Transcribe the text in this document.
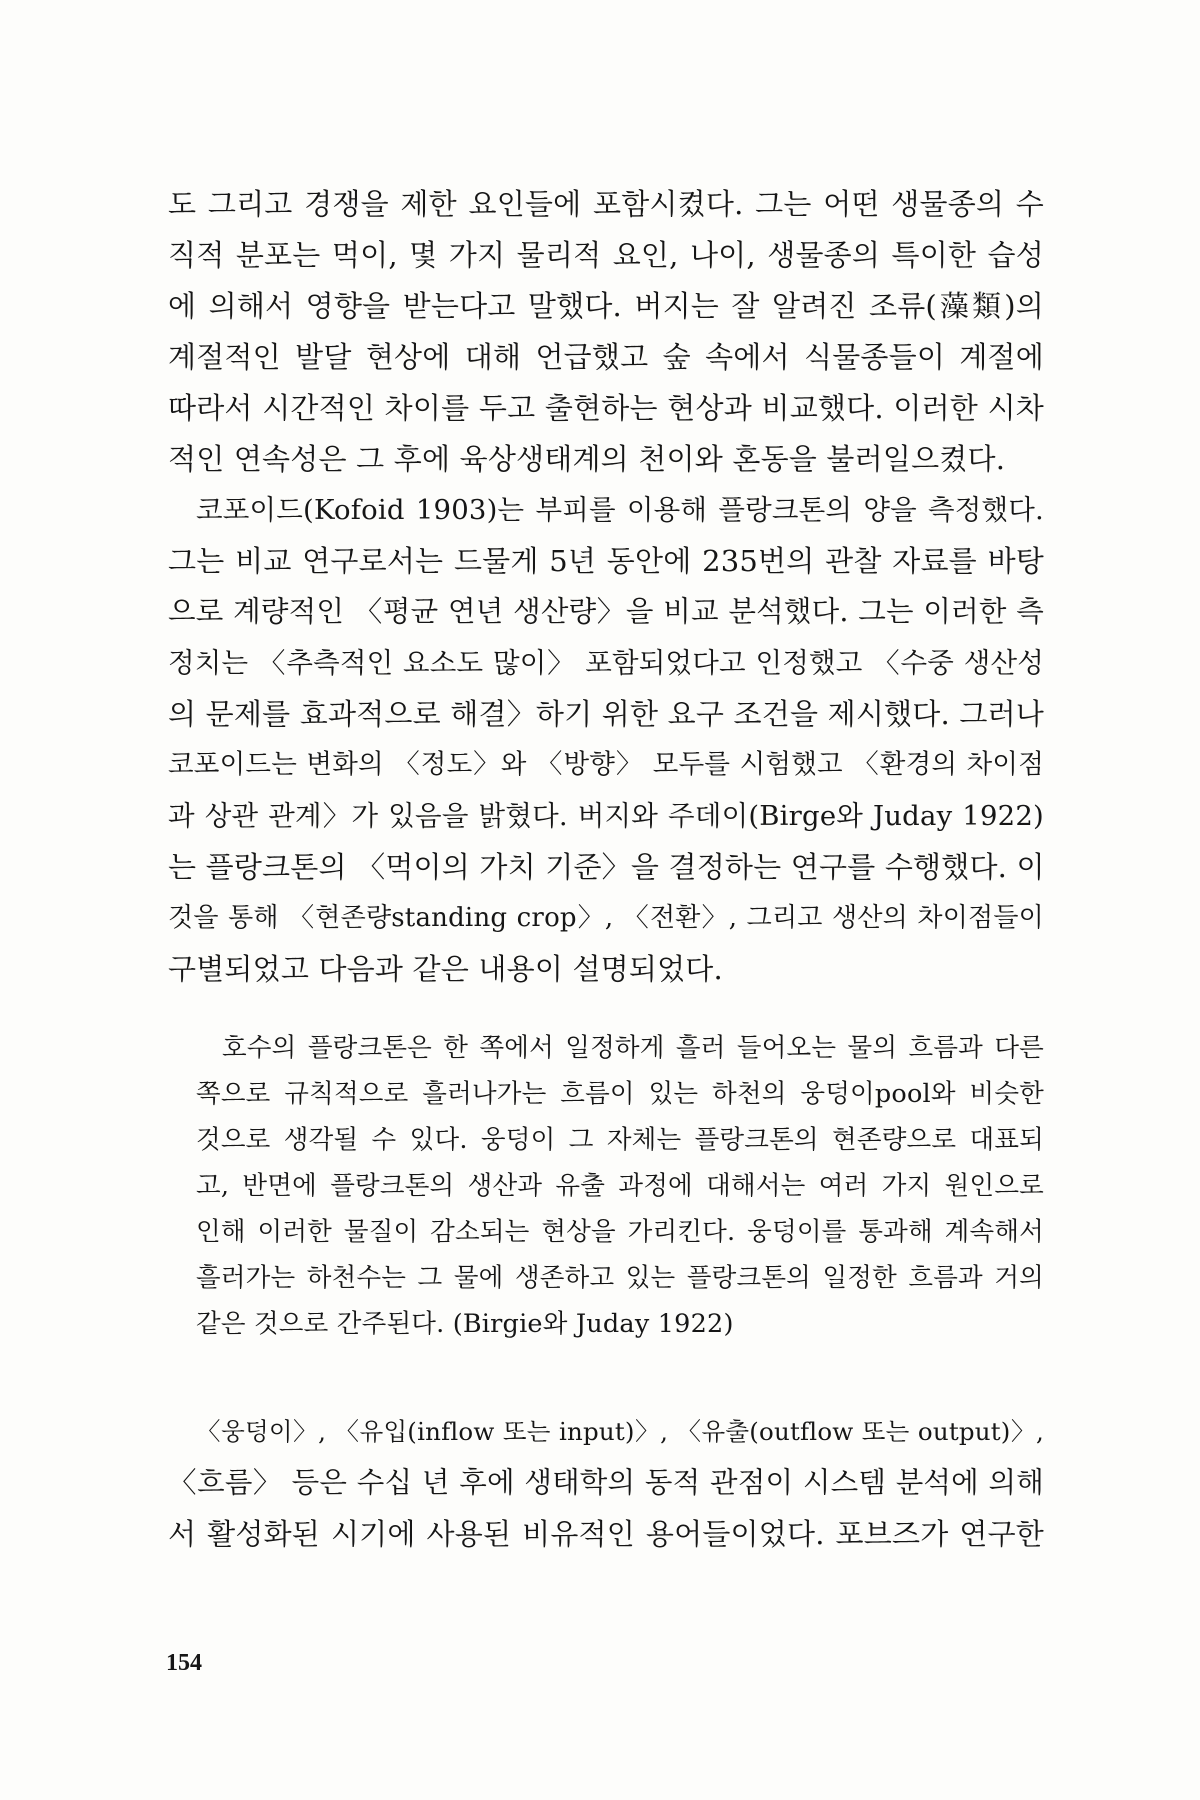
도 그리고 경쟁을 제한 요인들에 포함시켰다. 그는 어떤 생물종의 수

직적 분포는 먹이, 몇 가지 물리적 요인, 나이, 생물종의 특이한 습성

에 의해서 영향을 받는다고 말했다. 버지는 잘 알려진 조류(藻類)의

계절적인 발달 현상에 대해 언급했고 숲 속에서 식물종들이 계절에

따라서 시간적인 차이를 두고 출현하는 현상과 비교했다. 이러한 시차

적인 연속성은 그 후에 육상생태계의 천이와 혼동을 불러일으켰다.

코포이드(Kofoid 1903)는 부피를 이용해 플랑크톤의 양을 측정했다.

그는 비교 연구로서는 드물게 5년 동안에 235번의 관찰 자료를 바탕

으로 계량적인 〈평균 연년 생산량〉을 비교 분석했다. 그는 이러한 측

정치는 〈추측적인 요소도 많이〉 포함되었다고 인정했고 〈수중 생산성

의 문제를 효과적으로 해결〉하기 위한 요구 조건을 제시했다. 그러나

코포이드는 변화의 〈정도〉와 〈방향〉 모두를 시험했고 〈환경의 차이점

과 상관 관계〉가 있음을 밝혔다. 버지와 주데이(Birge와 Juday 1922)

는 플랑크톤의 〈먹이의 가치 기준〉을 결정하는 연구를 수행했다. 이

것을 통해 〈현존량standing crop〉, 〈전환〉, 그리고 생산의 차이점들이

구별되었고 다음과 같은 내용이 설명되었다.

호수의 플랑크톤은 한 쪽에서 일정하게 흘러 들어오는 물의 흐름과 다른

쪽으로 규칙적으로 흘러나가는 흐름이 있는 하천의 웅덩이pool와 비슷한

것으로 생각될 수 있다. 웅덩이 그 자체는 플랑크톤의 현존량으로 대표되

고, 반면에 플랑크톤의 생산과 유출 과정에 대해서는 여러 가지 원인으로

인해 이러한 물질이 감소되는 현상을 가리킨다. 웅덩이를 통과해 계속해서

흘러가는 하천수는 그 물에 생존하고 있는 플랑크톤의 일정한 흐름과 거의

같은 것으로 간주된다. (Birgie와 Juday 1922)

〈웅덩이〉, 〈유입(inflow 또는 input)〉, 〈유출(outflow 또는 output)〉,

〈흐름〉 등은 수십 년 후에 생태학의 동적 관점이 시스템 분석에 의해

서 활성화된 시기에 사용된 비유적인 용어들이었다. 포브즈가 연구한

154
